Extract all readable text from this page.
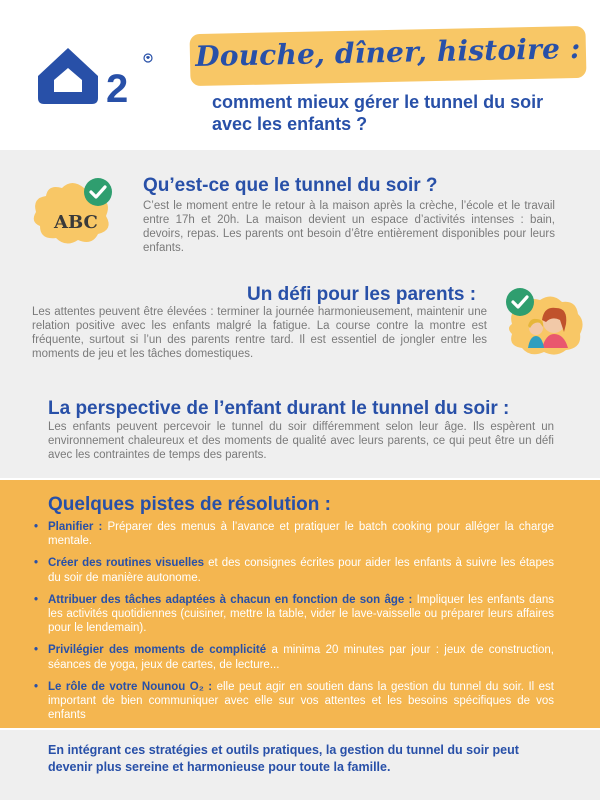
2
Douche, dîner, histoire :
comment mieux gérer le tunnel du soir avec les enfants ?
ABC
Qu’est-ce que le tunnel du soir ?
C’est le moment entre le retour à la maison après la crèche, l’école et le travail entre 17h et 20h. La maison devient un espace d’activités intenses : bain, devoirs, repas. Les parents ont besoin d’être entièrement disponibles pour leurs enfants.
Un défi pour les parents :
Les attentes peuvent être élevées : terminer la journée harmonieusement, maintenir une relation positive avec les enfants malgré la fatigue. La course contre la montre est fréquente, surtout si l’un des parents rentre tard. Il est essentiel de jongler entre les moments de jeu et les tâches domestiques.
La perspective de l’enfant durant le tunnel du soir :
Les enfants peuvent percevoir le tunnel du soir différemment selon leur âge. Ils espèrent un environnement chaleureux et des moments de qualité avec leurs parents, ce qui peut être un défi avec les contraintes de temps des parents.
Quelques pistes de résolution :
• Planifier : Préparer des menus à l’avance et pratiquer le batch cooking pour alléger la charge mentale.
• Créer des routines visuelles et des consignes écrites pour aider les enfants à suivre les étapes du soir de manière autonome.
• Attribuer des tâches adaptées à chacun en fonction de son âge : Impliquer les enfants dans les activités quotidiennes (cuisiner, mettre la table, vider le lave-vaisselle ou préparer leurs affaires pour le lendemain).
• Privilégier des moments de complicité a minima 20 minutes par jour : jeux de construction, séances de yoga, jeux de cartes, de lecture...
• Le rôle de votre Nounou O₂ : elle peut agir en soutien dans la gestion du tunnel du soir. Il est important de bien communiquer avec elle sur vos attentes et les besoins spécifiques de vos enfants
En intégrant ces stratégies et outils pratiques, la gestion du tunnel du soir peut devenir plus sereine et harmonieuse pour toute la famille.
